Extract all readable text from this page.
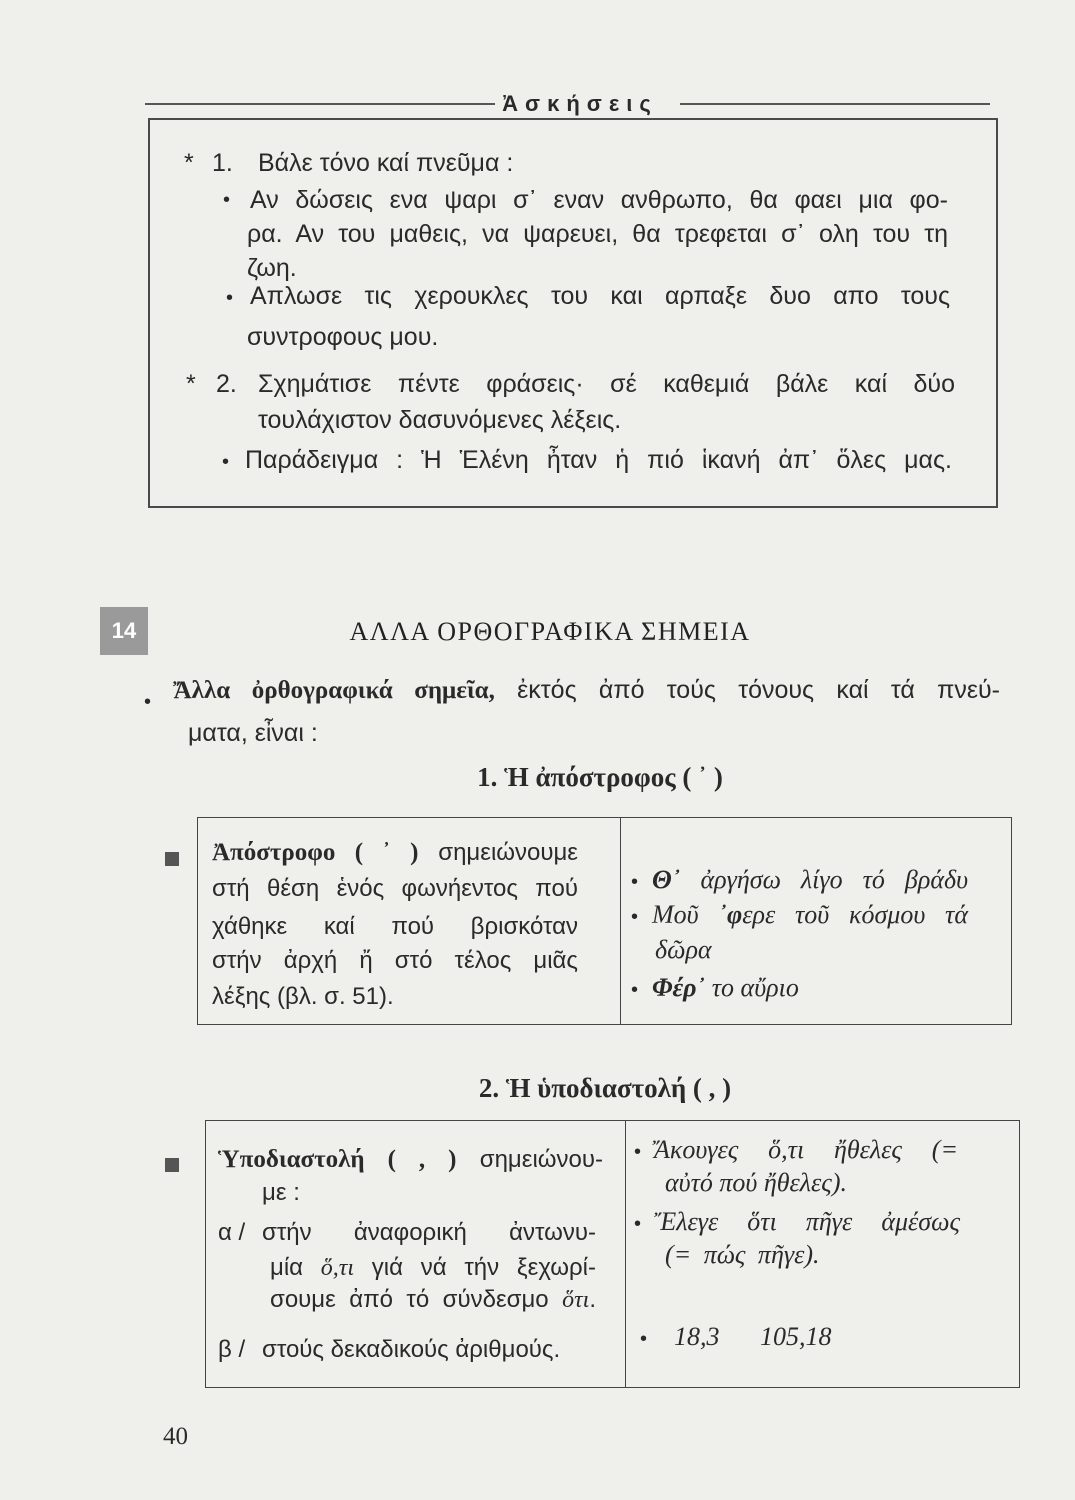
Ἀσκήσεις
* 1. Βάλε τόνο καί πνεῦμα :
• Αν δώσεις ενα ψαρι σ᾽ εναν ανθρωπο, θα φαει μια φο-
ρα. Αν του μαθεις, να ψαρευει, θα τρεφεται σ᾽ ολη του τη
ζωη.
• Απλωσε τις χερουκλες του και αρπαξε δυο απο τους
συντροφους μου.
* 2. Σχημάτισε πέντε φράσεις· σέ καθεμιά βάλε καί δύο
τουλάχιστον δασυνόμενες λέξεις.
• Παράδειγμα : Ἡ Ἑλένη ἦταν ἡ πιό ἱκανή ἀπ᾽ ὅλες μας.
14	ΑΛΛΑ ΟΡΘΟΓΡΑΦΙΚΑ ΣΗΜΕΙΑ
• Ἄλλα ὀρθογραφικά σημεῖα, ἐκτός ἀπό τούς τόνους καί τά πνεύ-
ματα, εἶναι :
1. Ἡ ἀπόστροφος ( ᾽ )
Ἀπόστροφο ( ᾽ ) σημειώνουμε
στή θέση ἑνός φωνήεντος πού
χάθηκε καί πού βρισκόταν
στήν ἀρχή ἤ στό τέλος μιᾶς
λέξης (βλ. σ. 51).
• Θ᾽ ἀργήσω λίγο τό βράδυ
• Μοῦ ᾽φερε τοῦ κόσμου τά
δῶρα
• Φέρ᾽ το αὔριο
2. Ἡ ὑποδιαστολή ( , )
Ὑποδιαστολή ( , ) σημειώνου-
με :
α / στήν ἀναφορική ἀντωνυ-
μία ὅ,τι γιά νά τήν ξεχωρί-
σουμε ἀπό τό σύνδεσμο ὅτι.
β / στούς δεκαδικούς ἀριθμούς.
• Ἄκουγες ὅ,τι ἤθελες (=
αὐτό πού ἤθελες).
• Ἔλεγε ὅτι πῆγε ἀμέσως
(= πώς πῆγε).
• 18,3 105,18
40
